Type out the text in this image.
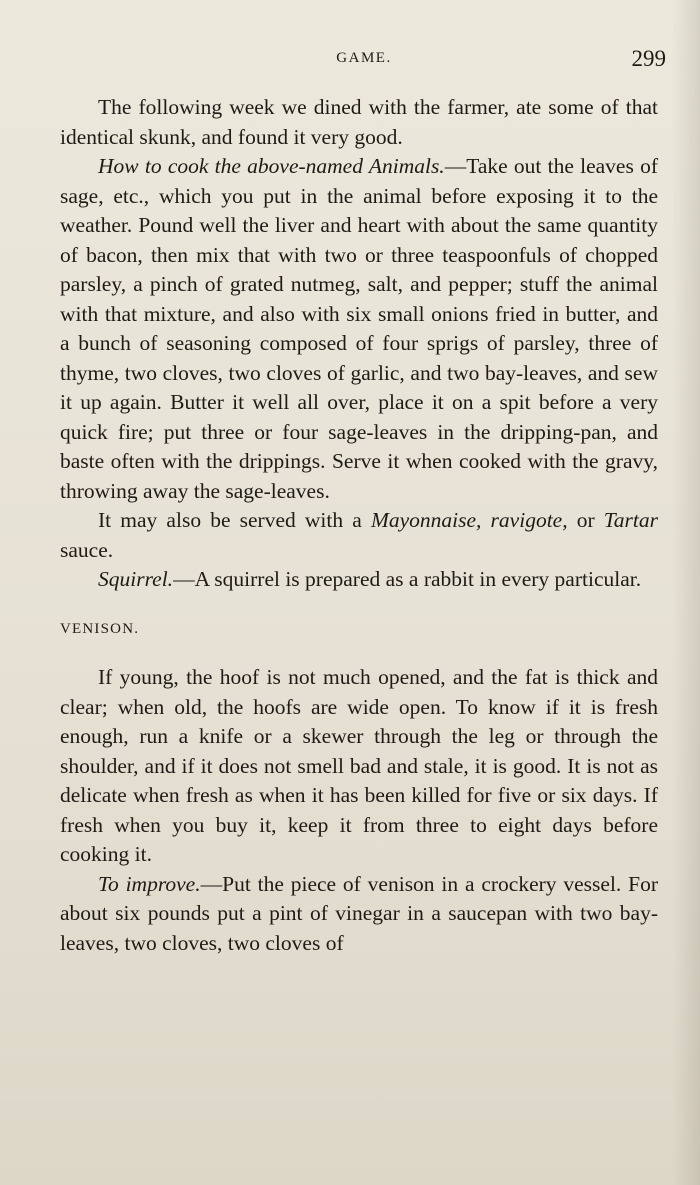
GAME.	299

The following week we dined with the farmer, ate some of that identical skunk, and found it very good.

How to cook the above-named Animals.—Take out the leaves of sage, etc., which you put in the animal before exposing it to the weather. Pound well the liver and heart with about the same quantity of bacon, then mix that with two or three teaspoonfuls of chopped parsley, a pinch of grated nutmeg, salt, and pepper; stuff the animal with that mixture, and also with six small onions fried in butter, and a bunch of seasoning composed of four sprigs of parsley, three of thyme, two cloves, two cloves of garlic, and two bay-leaves, and sew it up again. Butter it well all over, place it on a spit before a very quick fire; put three or four sage-leaves in the dripping-pan, and baste often with the drippings. Serve it when cooked with the gravy, throwing away the sage-leaves.

It may also be served with a Mayonnaise, ravigote, or Tartar sauce.

Squirrel.—A squirrel is prepared as a rabbit in every particular.

VENISON.

If young, the hoof is not much opened, and the fat is thick and clear; when old, the hoofs are wide open. To know if it is fresh enough, run a knife or a skewer through the leg or through the shoulder, and if it does not smell bad and stale, it is good. It is not as delicate when fresh as when it has been killed for five or six days. If fresh when you buy it, keep it from three to eight days before cooking it.

To improve.—Put the piece of venison in a crockery vessel. For about six pounds put a pint of vinegar in a saucepan with two bay-leaves, two cloves, two cloves of
